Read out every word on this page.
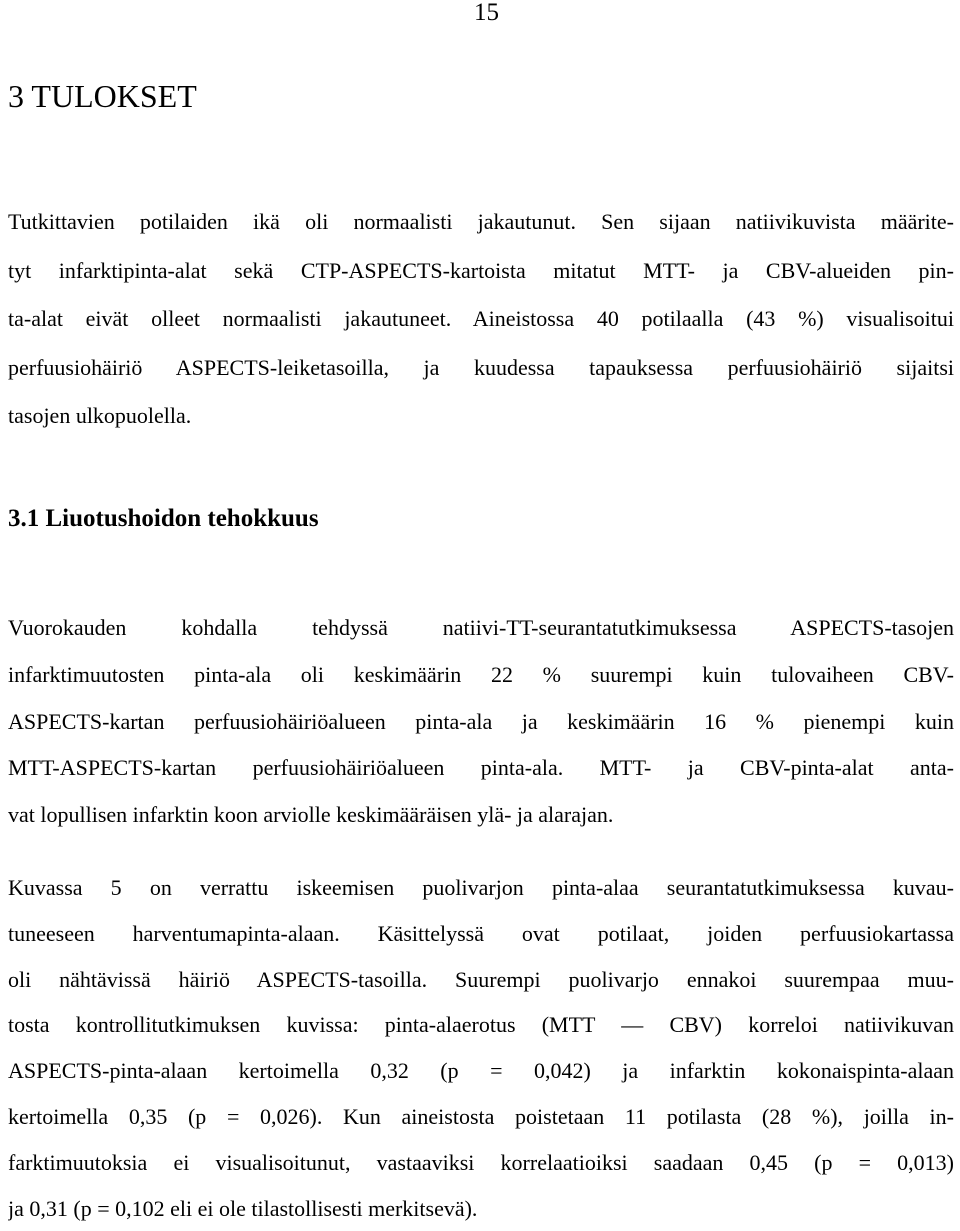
15
3 TULOKSET

Tutkittavien potilaiden ikä oli normaalisti jakautunut. Sen sijaan natiivikuvista määrite-
tyt infarktipinta-alat sekä CTP-ASPECTS-kartoista mitatut MTT- ja CBV-alueiden pin-
ta-alat eivät olleet normaalisti jakautuneet. Aineistossa 40 potilaalla (43 %) visualisoitui
perfuusiohäiriö ASPECTS-leiketasoilla, ja kuudessa tapauksessa perfuusiohäiriö sijaitsi
tasojen ulkopuolella.

3.1 Liuotushoidon tehokkuus

Vuorokauden kohdalla tehdyssä natiivi-TT-seurantatutkimuksessa ASPECTS-tasojen
infarktimuutosten pinta-ala oli keskimäärin 22 % suurempi kuin tulovaiheen CBV-
ASPECTS-kartan perfuusiohäiriöalueen pinta-ala ja keskimäärin 16 % pienempi kuin
MTT-ASPECTS-kartan perfuusiohäiriöalueen pinta-ala. MTT- ja CBV-pinta-alat anta-
vat lopullisen infarktin koon arviolle keskimääräisen ylä- ja alarajan.

Kuvassa 5 on verrattu iskeemisen puolivarjon pinta-alaa seurantatutkimuksessa kuvau-
tuneeseen harventumapinta-alaan. Käsittelyssä ovat potilaat, joiden perfuusiokartassa
oli nähtävissä häiriö ASPECTS-tasoilla. Suurempi puolivarjo ennakoi suurempaa muu-
tosta kontrollitutkimuksen kuvissa: pinta-alaerotus (MTT — CBV) korreloi natiivikuvan
ASPECTS-pinta-alaan kertoimella 0,32 (p = 0,042) ja infarktin kokonaispinta-alaan
kertoimella 0,35 (p = 0,026). Kun aineistosta poistetaan 11 potilasta (28 %), joilla in-
farktimuutoksia ei visualisoitunut, vastaaviksi korrelaatioiksi saadaan 0,45 (p = 0,013)
ja 0,31 (p = 0,102 eli ei ole tilastollisesti merkitsevä).
